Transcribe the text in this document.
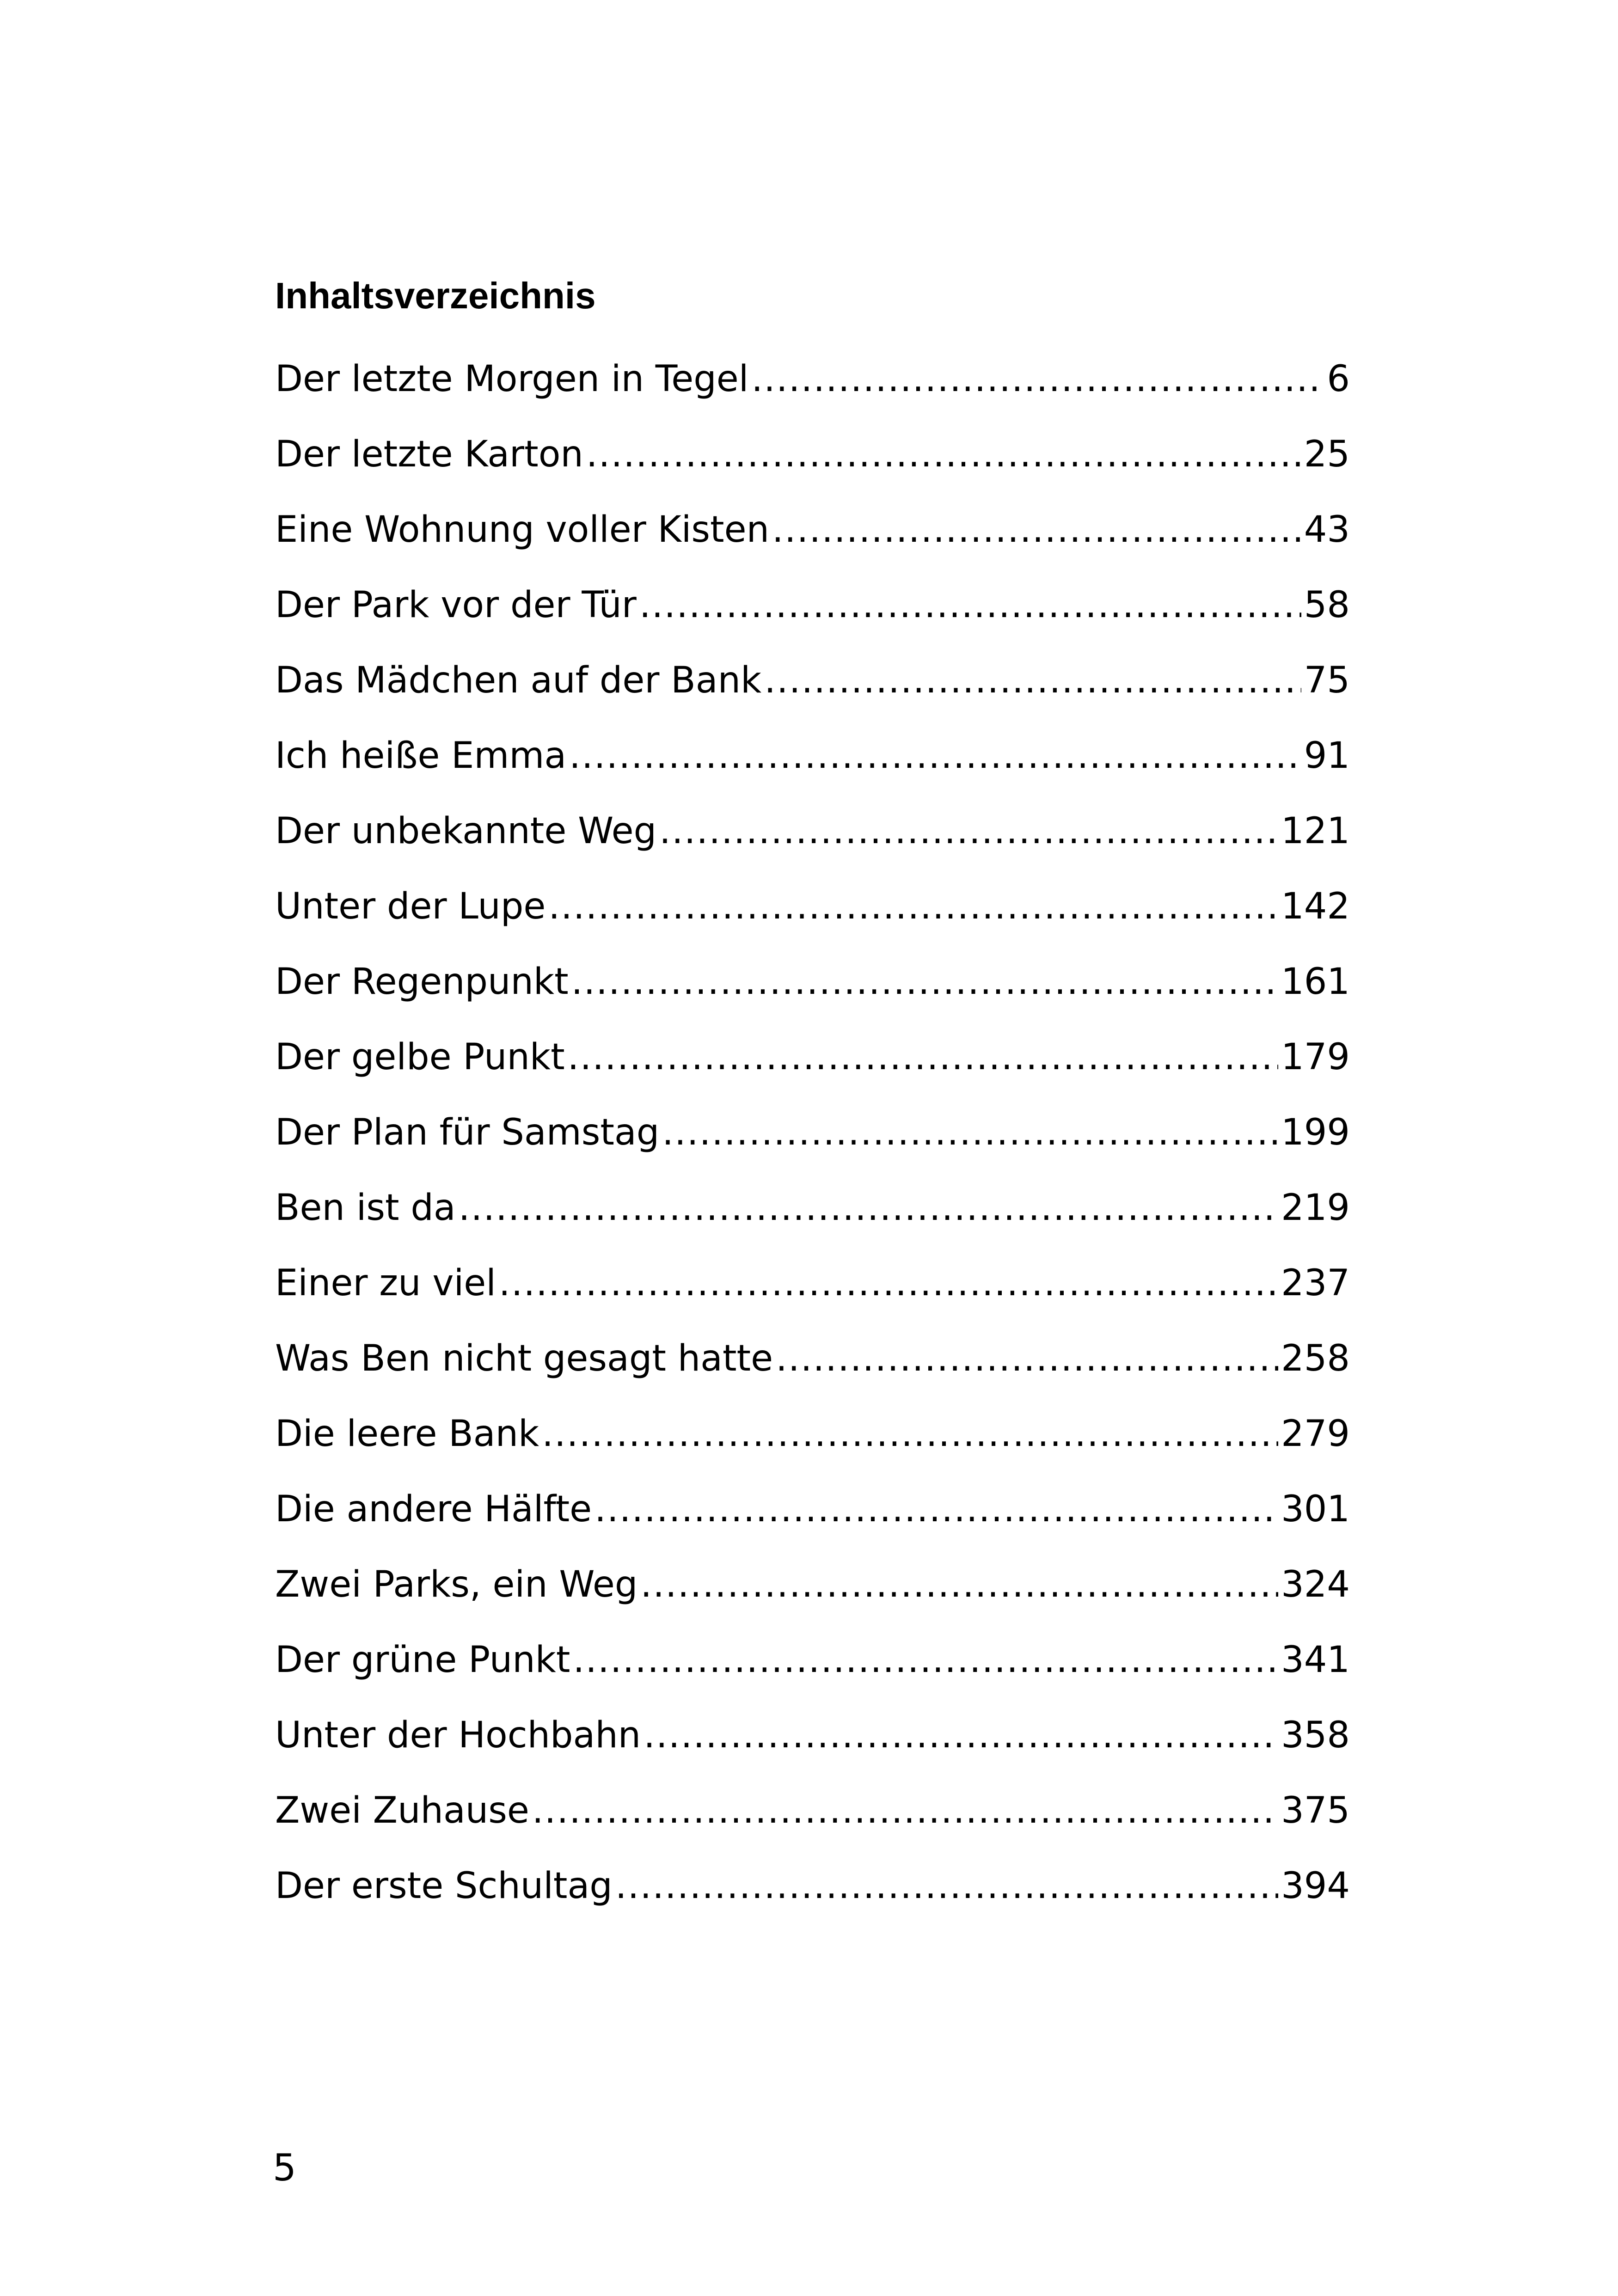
Inhaltsverzeichnis
Der letzte Morgen in Tegel .....	6
Der letzte Karton .....	25
Eine Wohnung voller Kisten .....	43
Der Park vor der Tür .....	58
Das Mädchen auf der Bank .....	75
Ich heiße Emma .....	91
Der unbekannte Weg .....	121
Unter der Lupe .....	142
Der Regenpunkt .....	161
Der gelbe Punkt .....	179
Der Plan für Samstag .....	199
Ben ist da .....	219
Einer zu viel .....	237
Was Ben nicht gesagt hatte .....	258
Die leere Bank .....	279
Die andere Hälfte .....	301
Zwei Parks, ein Weg .....	324
Der grüne Punkt .....	341
Unter der Hochbahn .....	358
Zwei Zuhause .....	375
Der erste Schultag .....	394
5
